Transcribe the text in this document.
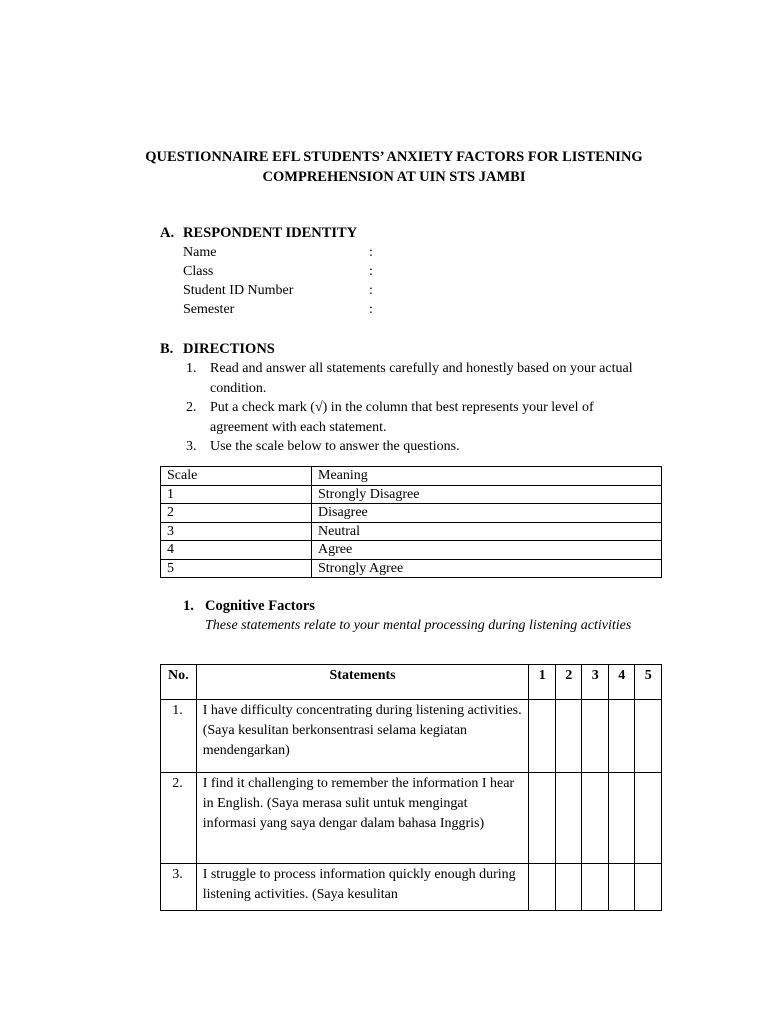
QUESTIONNAIRE EFL STUDENTS’ ANXIETY FACTORS FOR LISTENING
COMPREHENSION AT UIN STS JAMBI
A. RESPONDENT IDENTITY
Name	:
Class	:
Student ID Number	:
Semester	:
B. DIRECTIONS
1. Read and answer all statements carefully and honestly based on your actual condition.
2. Put a check mark (√) in the column that best represents your level of agreement with each statement.
3. Use the scale below to answer the questions.
Scale	Meaning
1	Strongly Disagree
2	Disagree
3	Neutral
4	Agree
5	Strongly Agree
1. Cognitive Factors
These statements relate to your mental processing during listening activities
No.	Statements	1	2	3	4	5
1.	I have difficulty concentrating during listening activities. (Saya kesulitan berkonsentrasi selama kegiatan mendengarkan)					
2.	I find it challenging to remember the information I hear in English. (Saya merasa sulit untuk mengingat informasi yang saya dengar dalam bahasa Inggris)					
3.	I struggle to process information quickly enough during listening activities. (Saya kesulitan					
